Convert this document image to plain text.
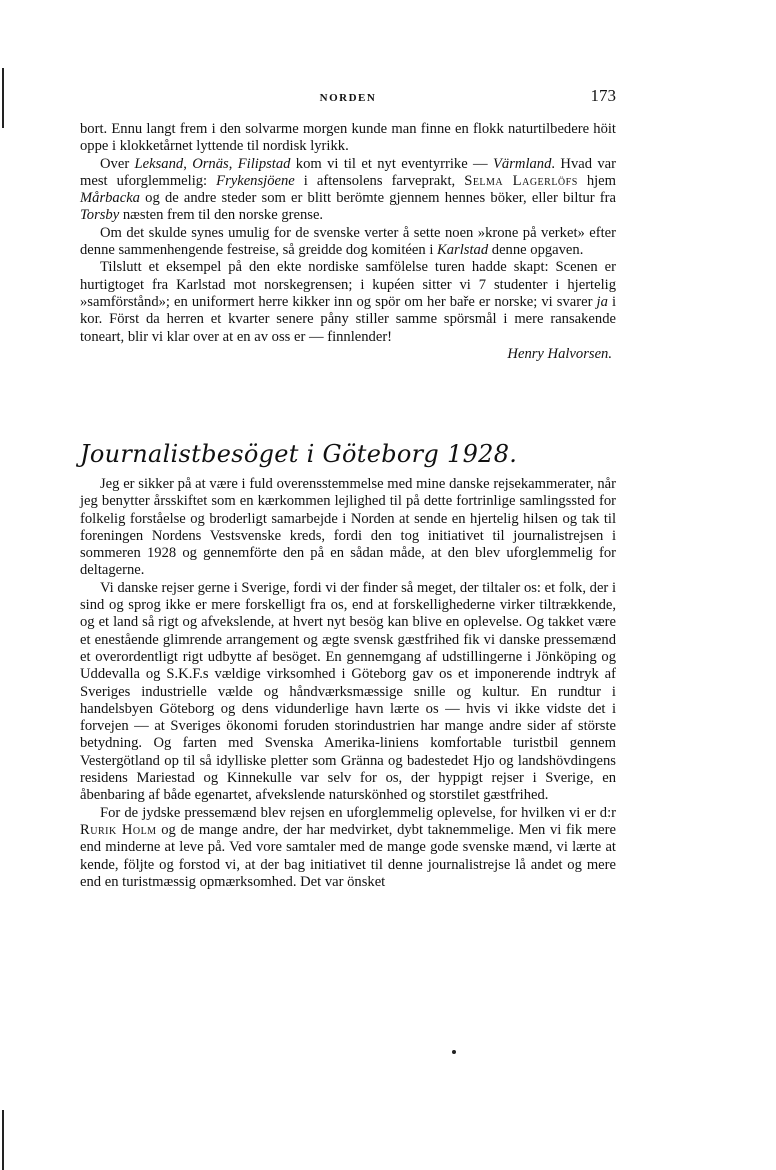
NORDEN	173

bort. Ennu langt frem i den solvarme morgen kunde man finne en flokk naturtilbedere höit oppe i klokketårnet lyttende til nordisk lyrikk.

Over Leksand, Ornäs, Filipstad kom vi til et nyt eventyrrike — Värmland. Hvad var mest uforglemmelig: Frykensjöene i aftensolens farveprakt, Selma Lagerlöfs hjem Mårbacka og de andre steder som er blitt berömte gjennem hennes böker, eller biltur fra Torsby næsten frem til den norske grense.

Om det skulde synes umulig for de svenske verter å sette noen »krone på verket» efter denne sammenhengende festreise, så greidde dog komitéen i Karlstad denne opgaven.

Tilslutt et eksempel på den ekte nordiske samfölelse turen hadde skapt: Scenen er hurtigtoget fra Karlstad mot norskegrensen; i kupéen sitter vi 7 studenter i hjertelig »samförstånd»; en uniformert herre kikker inn og spör om her baře er norske; vi svarer ja i kor. Först da herren et kvarter senere påny stiller samme spörsmål i mere ransakende toneart, blir vi klar over at en av oss er — finnlender!

Henry Halvorsen.

Journalistbesöget i Göteborg 1928.

Jeg er sikker på at være i fuld overensstemmelse med mine danske rejsekammerater, når jeg benytter årsskiftet som en kærkommen lejlighed til på dette fortrinlige samlingssted for folkelig forståelse og broderligt samarbejde i Norden at sende en hjertelig hilsen og tak til foreningen Nordens Vestsvenske kreds, fordi den tog initiativet til journalistrejsen i sommeren 1928 og gennemförte den på en sådan måde, at den blev uforglemmelig for deltagerne.

Vi danske rejser gerne i Sverige, fordi vi der finder så meget, der tiltaler os: et folk, der i sind og sprog ikke er mere forskelligt fra os, end at forskellighederne virker tiltrækkende, og et land så rigt og afvekslende, at hvert nyt besög kan blive en oplevelse. Og takket være et enestående glimrende arrangement og ægte svensk gæstfrihed fik vi danske pressemænd et overordentligt rigt udbytte af besöget. En gennemgang af udstillingerne i Jönköping og Uddevalla og S.K.F.s vældige virksomhed i Göteborg gav os et imponerende indtryk af Sveriges industrielle vælde og håndværksmæssige snille og kultur. En rundtur i handelsbyen Göteborg og dens vidunderlige havn lærte os — hvis vi ikke vidste det i forvejen — at Sveriges ökonomi foruden storindustrien har mange andre sider af störste betydning. Og farten med Svenska Amerika-liniens komfortable turistbil gennem Vestergötland op til så idylliske pletter som Gränna og badestedet Hjo og landshövdingens residens Mariestad og Kinnekulle var selv for os, der hyppigt rejser i Sverige, en åbenbaring af både egenartet, afvekslende naturskönhed og storstilet gæstfrihed.

For de jydske pressemænd blev rejsen en uforglemmelig oplevelse, for hvilken vi er d:r Rurik Holm og de mange andre, der har medvirket, dybt taknemmelige. Men vi fik mere end minderne at leve på. Ved vore samtaler med de mange gode svenske mænd, vi lærte at kende, följte og forstod vi, at der bag initiativet til denne journalistrejse lå andet og mere end en turistmæssig opmærksomhed. Det var önsket
